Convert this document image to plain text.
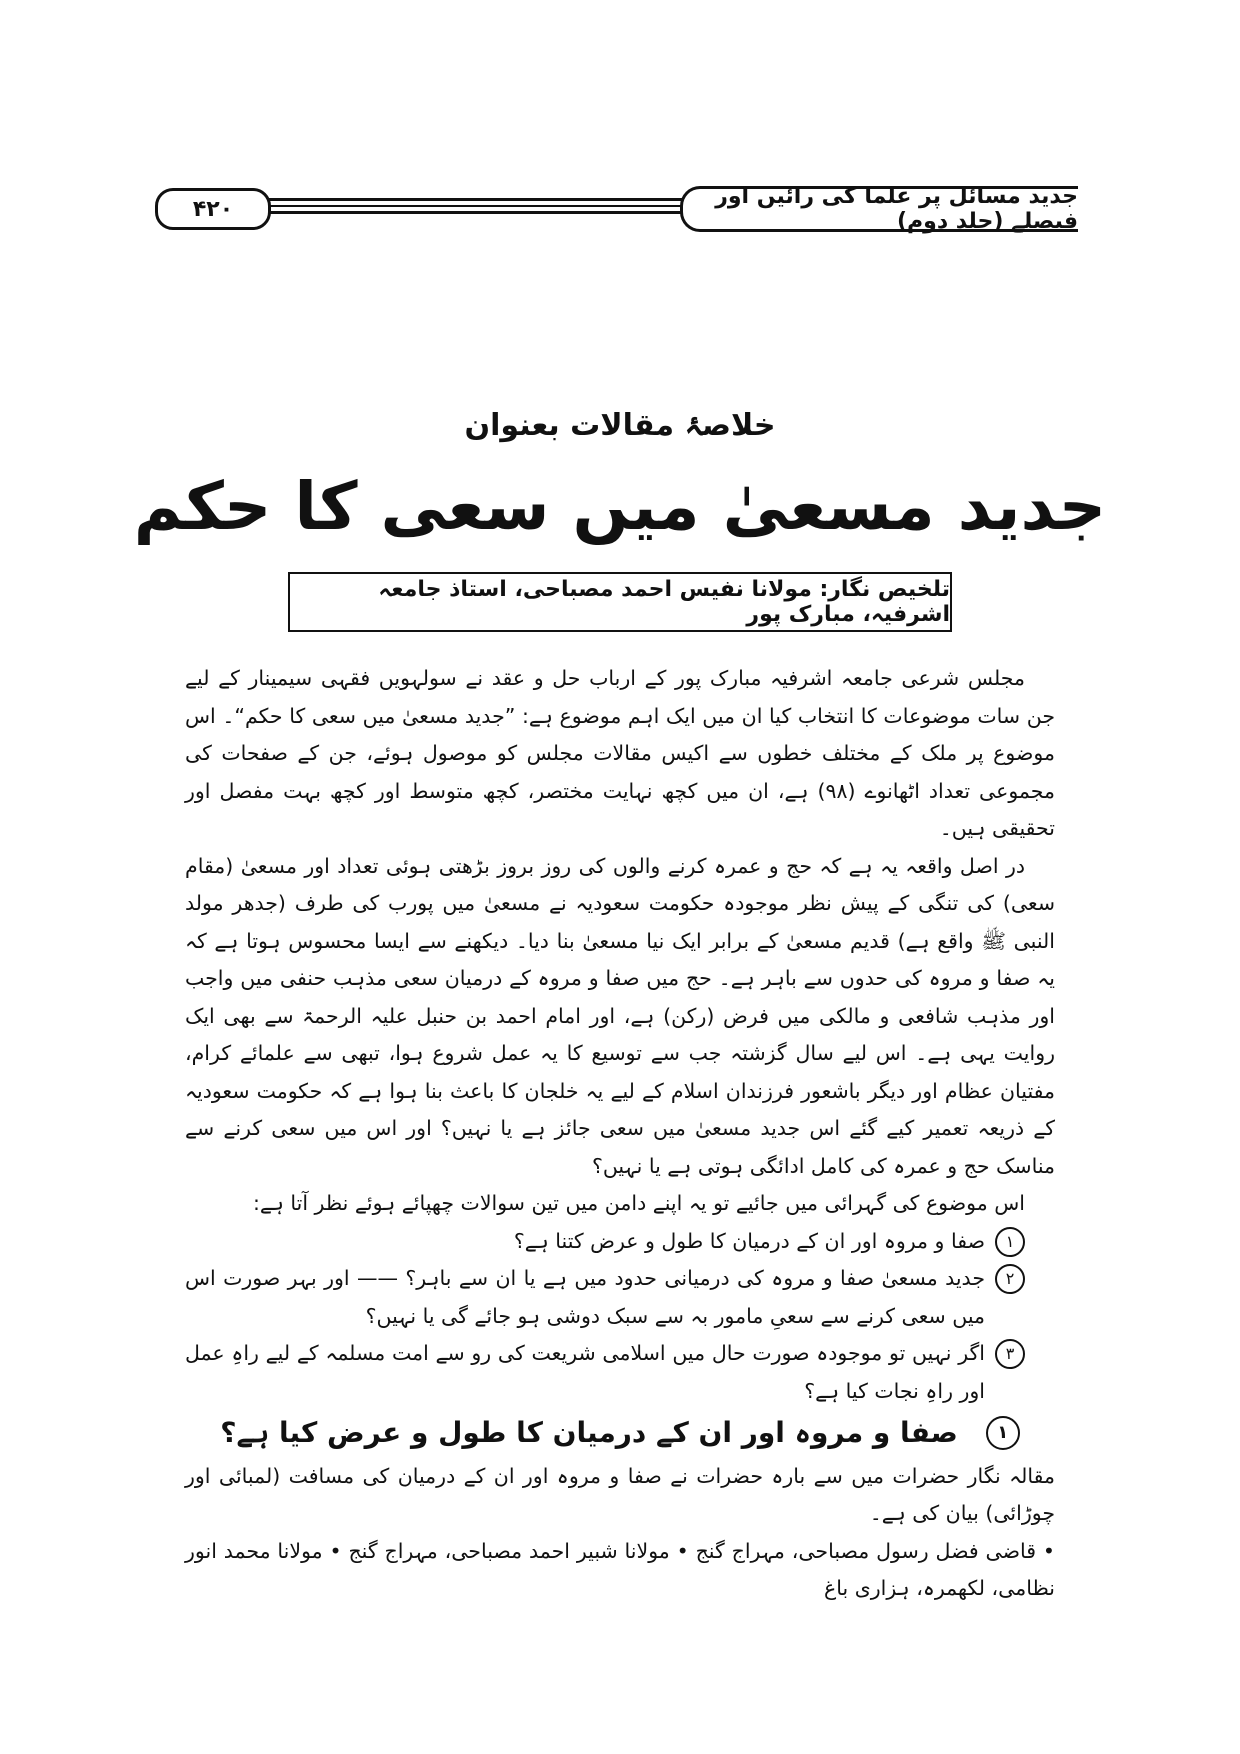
۴۲۰	جدید مسائل پر علما کی رائیں اور فیصلے (جلد دوم)
خلاصۂ مقالات بعنوان
جدید مسعیٰ میں سعی کا حکم
تلخیص نگار: مولانا نفیس احمد مصباحی، استاذ جامعہ اشرفیہ، مبارک پور

مجلس شرعی جامعہ اشرفیہ مبارک پور کے ارباب حل و عقد نے سولہویں فقہی سیمینار کے لیے جن سات موضوعات کا انتخاب کیا ان میں ایک اہم موضوع ہے: ”جدید مسعیٰ میں سعی کا حکم“۔ اس موضوع پر ملک کے مختلف خطوں سے اکیس مقالات مجلس کو موصول ہوئے، جن کے صفحات کی مجموعی تعداد اٹھانوے (۹۸) ہے، ان میں کچھ نہایت مختصر، کچھ متوسط اور کچھ بہت مفصل اور تحقیقی ہیں۔

در اصل واقعہ یہ ہے کہ حج و عمرہ کرنے والوں کی روز بروز بڑھتی ہوئی تعداد اور مسعیٰ (مقام سعی) کی تنگی کے پیش نظر موجودہ حکومت سعودیہ نے مسعیٰ میں پورب کی طرف (جدھر مولد النبی ﷺ واقع ہے) قدیم مسعیٰ کے برابر ایک نیا مسعیٰ بنا دیا۔ دیکھنے سے ایسا محسوس ہوتا ہے کہ یہ صفا و مروہ کی حدوں سے باہر ہے۔ حج میں صفا و مروہ کے درمیان سعی مذہب حنفی میں واجب اور مذہب شافعی و مالکی میں فرض (رکن) ہے، اور امام احمد بن حنبل علیہ الرحمۃ سے بھی ایک روایت یہی ہے۔ اس لیے سال گزشتہ جب سے توسیع کا یہ عمل شروع ہوا، تبھی سے علمائے کرام، مفتیان عظام اور دیگر باشعور فرزندان اسلام کے لیے یہ خلجان کا باعث بنا ہوا ہے کہ حکومت سعودیہ کے ذریعہ تعمیر کیے گئے اس جدید مسعیٰ میں سعی جائز ہے یا نہیں؟ اور اس میں سعی کرنے سے مناسک حج و عمرہ کی کامل ادائگی ہوتی ہے یا نہیں؟

اس موضوع کی گہرائی میں جائیے تو یہ اپنے دامن میں تین سوالات چھپائے ہوئے نظر آتا ہے:

۱
صفا و مروہ اور ان کے درمیان کا طول و عرض کتنا ہے؟

۲
جدید مسعیٰ صفا و مروہ کی درمیانی حدود میں ہے یا ان سے باہر؟ —— اور بہر صورت اس میں سعی کرنے سے سعیِ مامور بہ سے سبک دوشی ہو جائے گی یا نہیں؟

۳
اگر نہیں تو موجودہ صورت حال میں اسلامی شریعت کی رو سے امت مسلمہ کے لیے راہِ عمل اور راہِ نجات کیا ہے؟

۱
صفا و مروہ اور ان کے درمیان کا طول و عرض کیا ہے؟

مقالہ نگار حضرات میں سے بارہ حضرات نے صفا و مروہ اور ان کے درمیان کی مسافت (لمبائی اور چوڑائی) بیان کی ہے۔

• قاضی فضل رسول مصباحی، مہراج گنج • مولانا شبیر احمد مصباحی، مہراج گنج • مولانا محمد انور نظامی، لکھمرہ، ہزاری باغ
